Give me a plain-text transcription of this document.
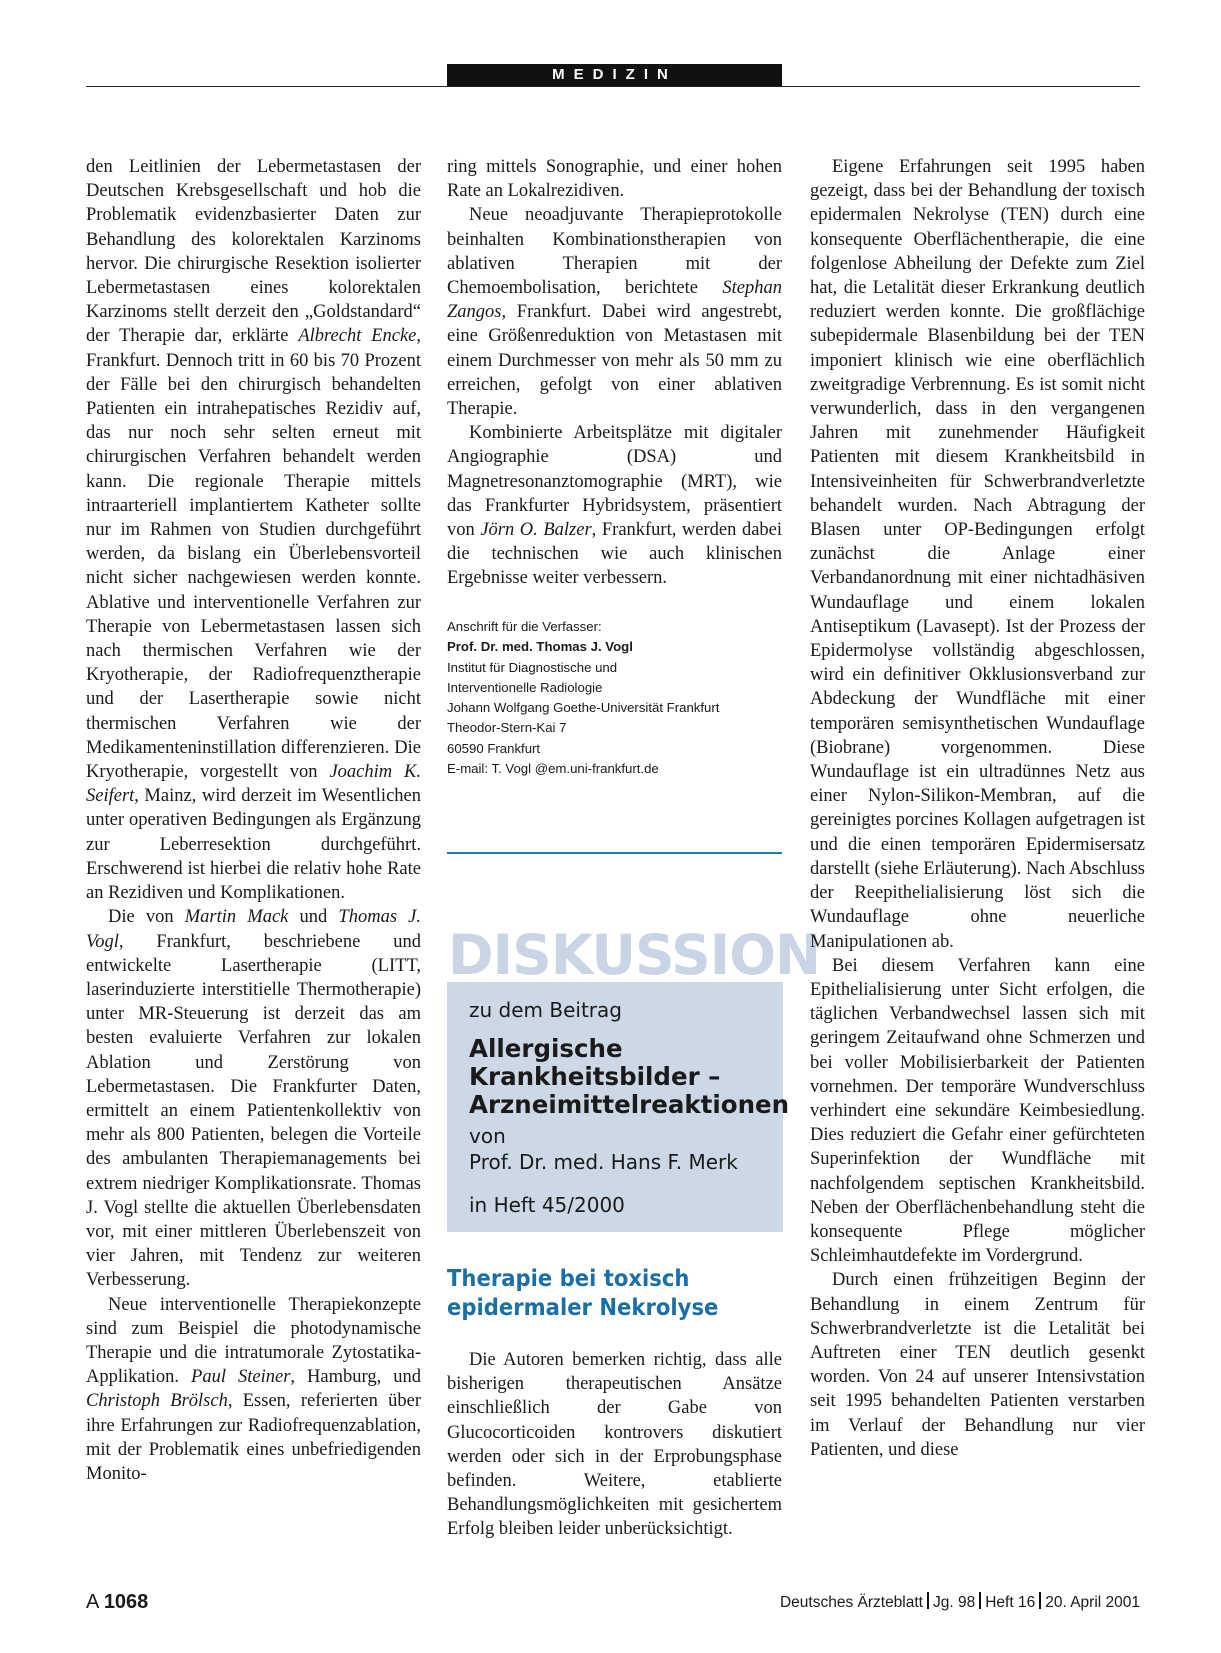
MEDIZIN

den Leitlinien der Lebermetastasen der Deutschen Krebsgesellschaft und hob die Problematik evidenzbasierter Daten zur Behandlung des kolorektalen Karzinoms hervor. Die chirurgische Resektion isolierter Lebermetastasen eines kolorektalen Karzinoms stellt derzeit den „Goldstandard“ der Therapie dar, erklärte Albrecht Encke, Frankfurt. Dennoch tritt in 60 bis 70 Prozent der Fälle bei den chirurgisch behandelten Patienten ein intrahepatisches Rezidiv auf, das nur noch sehr selten erneut mit chirurgischen Verfahren behandelt werden kann. Die regionale Therapie mittels intraarteriell implantiertem Katheter sollte nur im Rahmen von Studien durchgeführt werden, da bislang ein Überlebensvorteil nicht sicher nachgewiesen werden konnte. Ablative und interventionelle Verfahren zur Therapie von Lebermetastasen lassen sich nach thermischen Verfahren wie der Kryotherapie, der Radiofrequenztherapie und der Lasertherapie sowie nicht thermischen Verfahren wie der Medikamenteninstillation differenzieren. Die Kryotherapie, vorgestellt von Joachim K. Seifert, Mainz, wird derzeit im Wesentlichen unter operativen Bedingungen als Ergänzung zur Leberresektion durchgeführt. Erschwerend ist hierbei die relativ hohe Rate an Rezidiven und Komplikationen.

Die von Martin Mack und Thomas J. Vogl, Frankfurt, beschriebene und entwickelte Lasertherapie (LITT, laserinduzierte interstitielle Thermotherapie) unter MR-Steuerung ist derzeit das am besten evaluierte Verfahren zur lokalen Ablation und Zerstörung von Lebermetastasen. Die Frankfurter Daten, ermittelt an einem Patientenkollektiv von mehr als 800 Patienten, belegen die Vorteile des ambulanten Therapiemanagements bei extrem niedriger Komplikationsrate. Thomas J. Vogl stellte die aktuellen Überlebensdaten vor, mit einer mittleren Überlebenszeit von vier Jahren, mit Tendenz zur weiteren Verbesserung.

Neue interventionelle Therapiekonzepte sind zum Beispiel die photodynamische Therapie und die intratumorale Zytostatika-Applikation. Paul Steiner, Hamburg, und Christoph Brölsch, Essen, referierten über ihre Erfahrungen zur Radiofrequenzablation, mit der Problematik eines unbefriedigenden Monito-

ring mittels Sonographie, und einer hohen Rate an Lokalrezidiven.

Neue neoadjuvante Therapieprotokolle beinhalten Kombinationstherapien von ablativen Therapien mit der Chemoembolisation, berichtete Stephan Zangos, Frankfurt. Dabei wird angestrebt, eine Größenreduktion von Metastasen mit einem Durchmesser von mehr als 50 mm zu erreichen, gefolgt von einer ablativen Therapie.

Kombinierte Arbeitsplätze mit digitaler Angiographie (DSA) und Magnetresonanztomographie (MRT), wie das Frankfurter Hybridsystem, präsentiert von Jörn O. Balzer, Frankfurt, werden dabei die technischen wie auch klinischen Ergebnisse weiter verbessern.

Anschrift für die Verfasser:
Prof. Dr. med. Thomas J. Vogl
Institut für Diagnostische und
Interventionelle Radiologie
Johann Wolfgang Goethe-Universität Frankfurt
Theodor-Stern-Kai 7
60590 Frankfurt
E-mail: T. Vogl @em.uni-frankfurt.de
DISKUSSION
zu dem Beitrag
Allergische
Krankheitsbilder –
Arzneimittelreaktionen
von
Prof. Dr. med. Hans F. Merk
in Heft 45/2000
Therapie bei toxisch
epidermaler Nekrolyse

Die Autoren bemerken richtig, dass alle bisherigen therapeutischen Ansätze einschließlich der Gabe von Glucocorticoiden kontrovers diskutiert werden oder sich in der Erprobungsphase befinden. Weitere, etablierte Behandlungsmöglichkeiten mit gesichertem Erfolg bleiben leider unberücksichtigt.

Eigene Erfahrungen seit 1995 haben gezeigt, dass bei der Behandlung der toxisch epidermalen Nekrolyse (TEN) durch eine konsequente Oberflächentherapie, die eine folgenlose Abheilung der Defekte zum Ziel hat, die Letalität dieser Erkrankung deutlich reduziert werden konnte. Die großflächige subepidermale Blasenbildung bei der TEN imponiert klinisch wie eine oberflächlich zweitgradige Verbrennung. Es ist somit nicht verwunderlich, dass in den vergangenen Jahren mit zunehmender Häufigkeit Patienten mit diesem Krankheitsbild in Intensiveinheiten für Schwerbrandverletzte behandelt wurden. Nach Abtragung der Blasen unter OP-Bedingungen erfolgt zunächst die Anlage einer Verbandanordnung mit einer nichtadhäsiven Wundauflage und einem lokalen Antiseptikum (Lavasept). Ist der Prozess der Epidermolyse vollständig abgeschlossen, wird ein definitiver Okklusionsverband zur Abdeckung der Wundfläche mit einer temporären semisynthetischen Wundauflage (Biobrane) vorgenommen. Diese Wundauflage ist ein ultradünnes Netz aus einer Nylon-Silikon-Membran, auf die gereinigtes porcines Kollagen aufgetragen ist und die einen temporären Epidermisersatz darstellt (siehe Erläuterung). Nach Abschluss der Reepithelialisierung löst sich die Wundauflage ohne neuerliche Manipulationen ab.

Bei diesem Verfahren kann eine Epithelialisierung unter Sicht erfolgen, die täglichen Verbandwechsel lassen sich mit geringem Zeitaufwand ohne Schmerzen und bei voller Mobilisierbarkeit der Patienten vornehmen. Der temporäre Wundverschluss verhindert eine sekundäre Keimbesiedlung. Dies reduziert die Gefahr einer gefürchteten Superinfektion der Wundfläche mit nachfolgendem septischen Krankheitsbild. Neben der Oberflächenbehandlung steht die konsequente Pflege möglicher Schleimhautdefekte im Vordergrund.

Durch einen frühzeitigen Beginn der Behandlung in einem Zentrum für Schwerbrandverletzte ist die Letalität bei Auftreten einer TEN deutlich gesenkt worden. Von 24 auf unserer Intensivstation seit 1995 behandelten Patienten verstarben im Verlauf der Behandlung nur vier Patienten, und diese

A 1068	Deutsches Ärzteblatt Jg. 98 Heft 16 20. April 2001
